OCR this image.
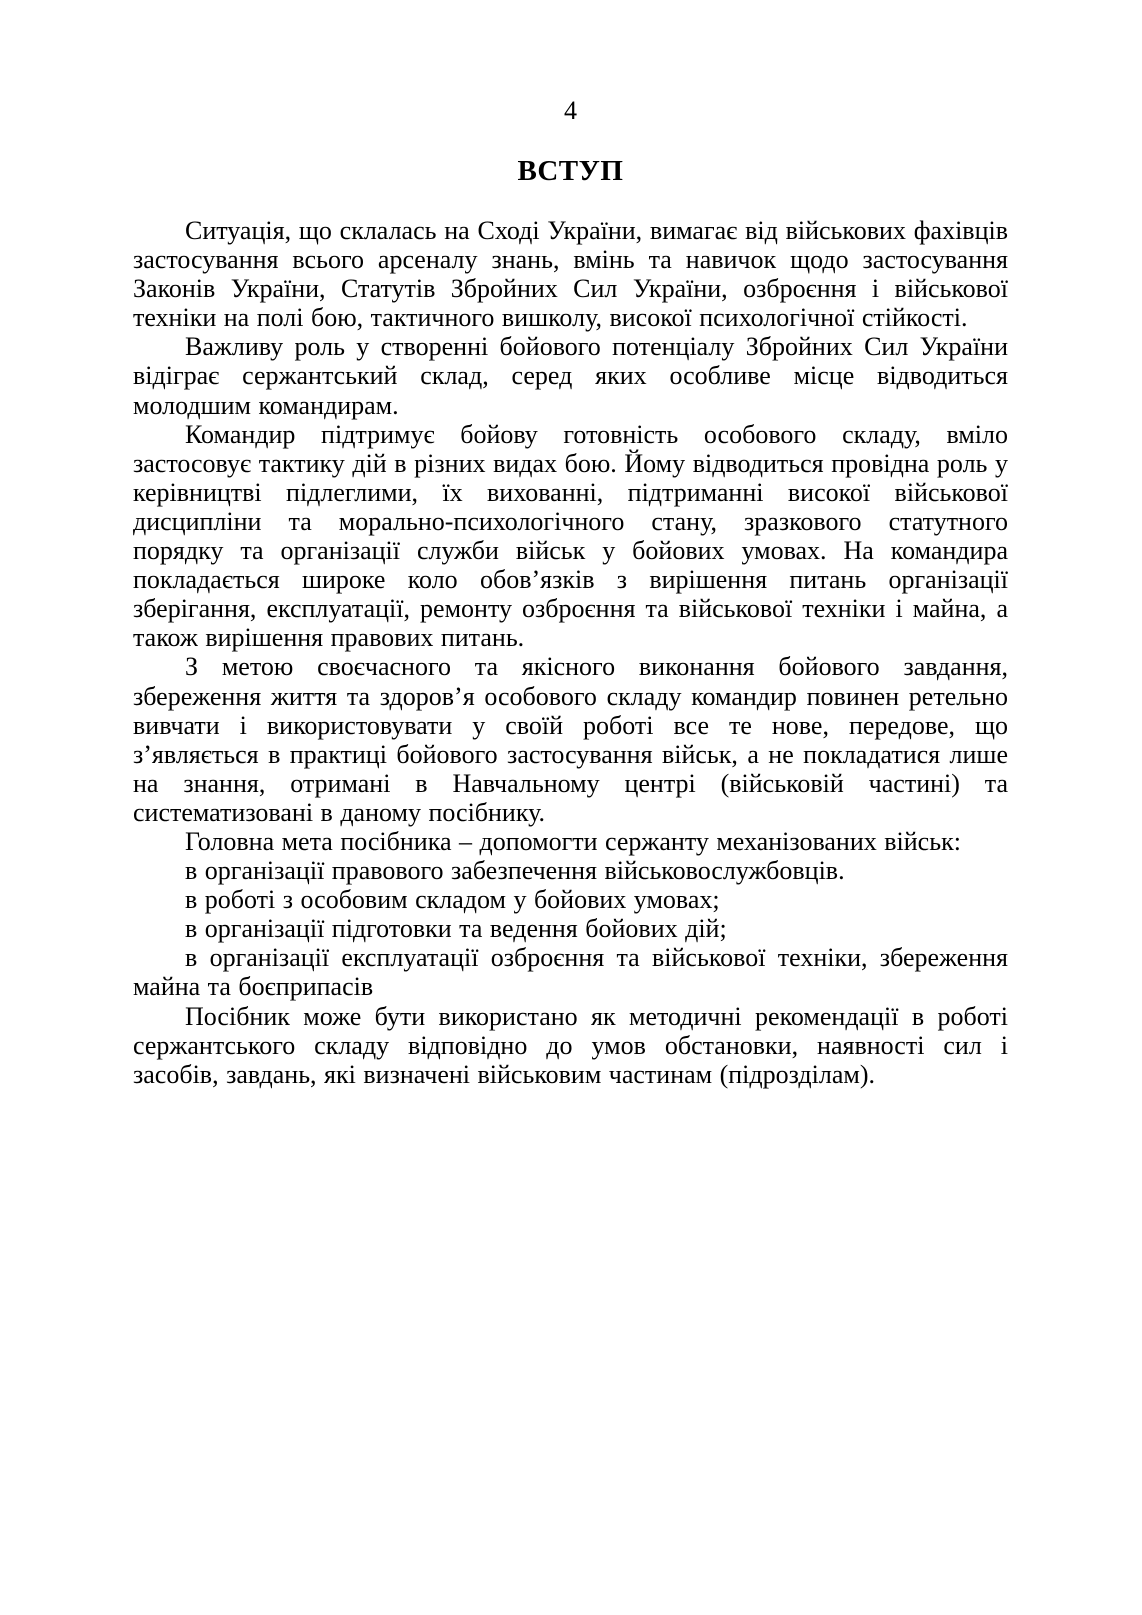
4
ВСТУП

Ситуація, що склалась на Сході України, вимагає від військових фахівців застосування всього арсеналу знань, вмінь та навичок щодо застосування Законів України, Статутів Збройних Сил України, озброєння і військової техніки на полі бою, тактичного вишколу, високої психологічної стійкості.

Важливу роль у створенні бойового потенціалу Збройних Сил України відіграє сержантський склад, серед яких особливе місце відводиться молодшим командирам.

Командир підтримує бойову готовність особового складу, вміло застосовує тактику дій в різних видах бою. Йому відводиться провідна роль у керівництві підлеглими, їх вихованні, підтриманні високої військової дисципліни та морально-психологічного стану, зразкового статутного порядку та організації служби військ у бойових умовах. На командира покладається широке коло обов’язків з вирішення питань організації зберігання, експлуатації, ремонту озброєння та військової техніки і майна, а також вирішення правових питань.

З метою своєчасного та якісного виконання бойового завдання, збереження життя та здоров’я особового складу командир повинен ретельно вивчати і використовувати у своїй роботі все те нове, передове, що з’являється в практиці бойового застосування військ, а не покладатися лише на знання, отримані в Навчальному центрі (військовій частині) та систематизовані в даному посібнику.

Головна мета посібника – допомогти сержанту механізованих військ:

в організації правового забезпечення військовослужбовців.

в роботі з особовим складом у бойових умовах;

в організації підготовки та ведення бойових дій;

в організації експлуатації озброєння та військової техніки, збереження майна та боєприпасів

Посібник може бути використано як методичні рекомендації в роботі сержантського складу відповідно до умов обстановки, наявності сил і засобів, завдань, які визначені військовим частинам (підрозділам).
